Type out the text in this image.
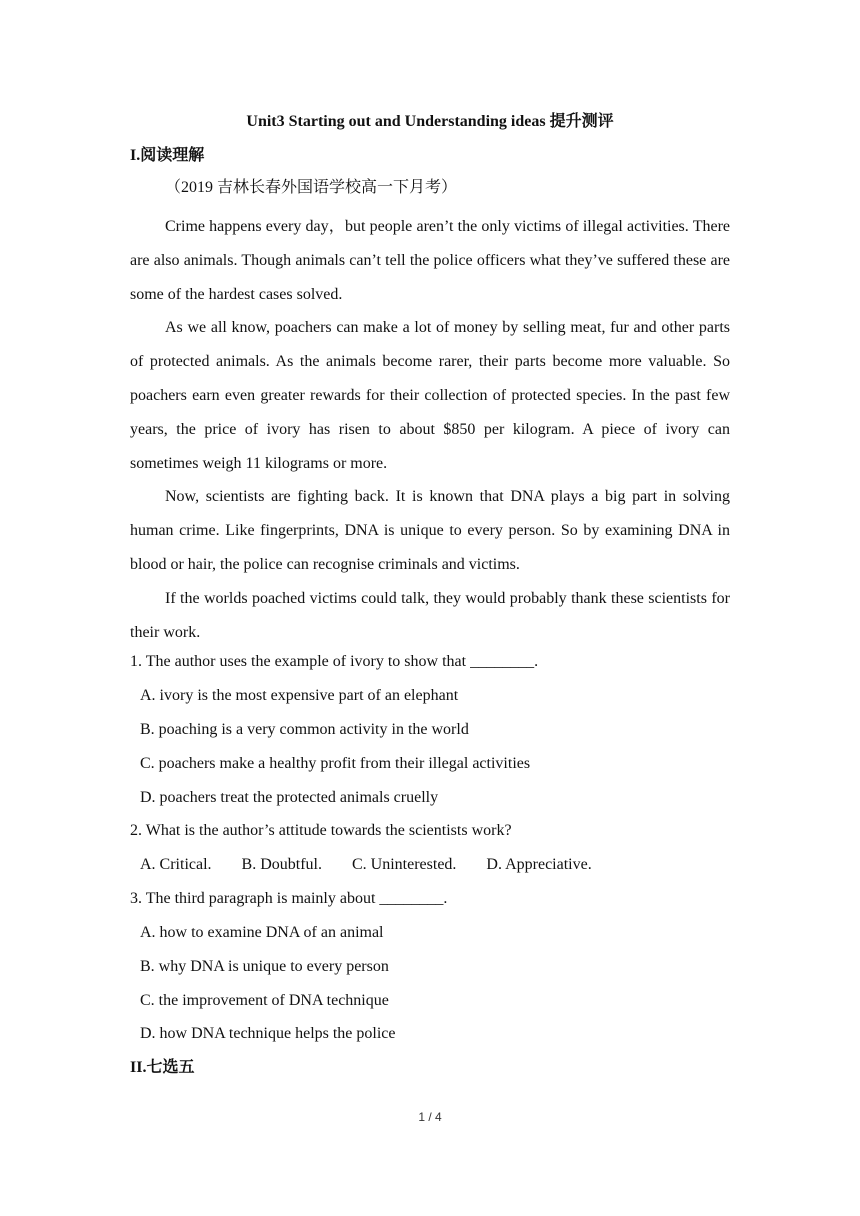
Unit3 Starting out and Understanding ideas 提升测评
I.阅读理解
（2019 吉林长春外国语学校高一下月考）

Crime happens every day，but people aren’t the only victims of illegal activities. There are also animals. Though animals can’t tell the police officers what they’ve suffered these are some of the hardest cases solved.

As we all know, poachers can make a lot of money by selling meat, fur and other parts of protected animals. As the animals become rarer, their parts become more valuable. So poachers earn even greater rewards for their collection of protected species. In the past few years, the price of ivory has risen to about $850 per kilogram. A piece of ivory can sometimes weigh 11 kilograms or more.

Now, scientists are fighting back. It is known that DNA plays a big part in solving human crime. Like fingerprints, DNA is unique to every person. So by examining DNA in blood or hair, the police can recognise criminals and victims.

If the worlds poached victims could talk, they would probably thank these scientists for their work.

1. The author uses the example of ivory to show that ________.
A. ivory is the most expensive part of an elephant
B. poaching is a very common activity in the world
C. poachers make a healthy profit from their illegal activities
D. poachers treat the protected animals cruelly
2. What is the author’s attitude towards the scientists work?
A. Critical. B. Doubtful. C. Uninterested. D. Appreciative.
3. The third paragraph is mainly about ________.
A. how to examine DNA of an animal
B. why DNA is unique to every person
C. the improvement of DNA technique
D. how DNA technique helps the police
II.七选五
1 / 4
